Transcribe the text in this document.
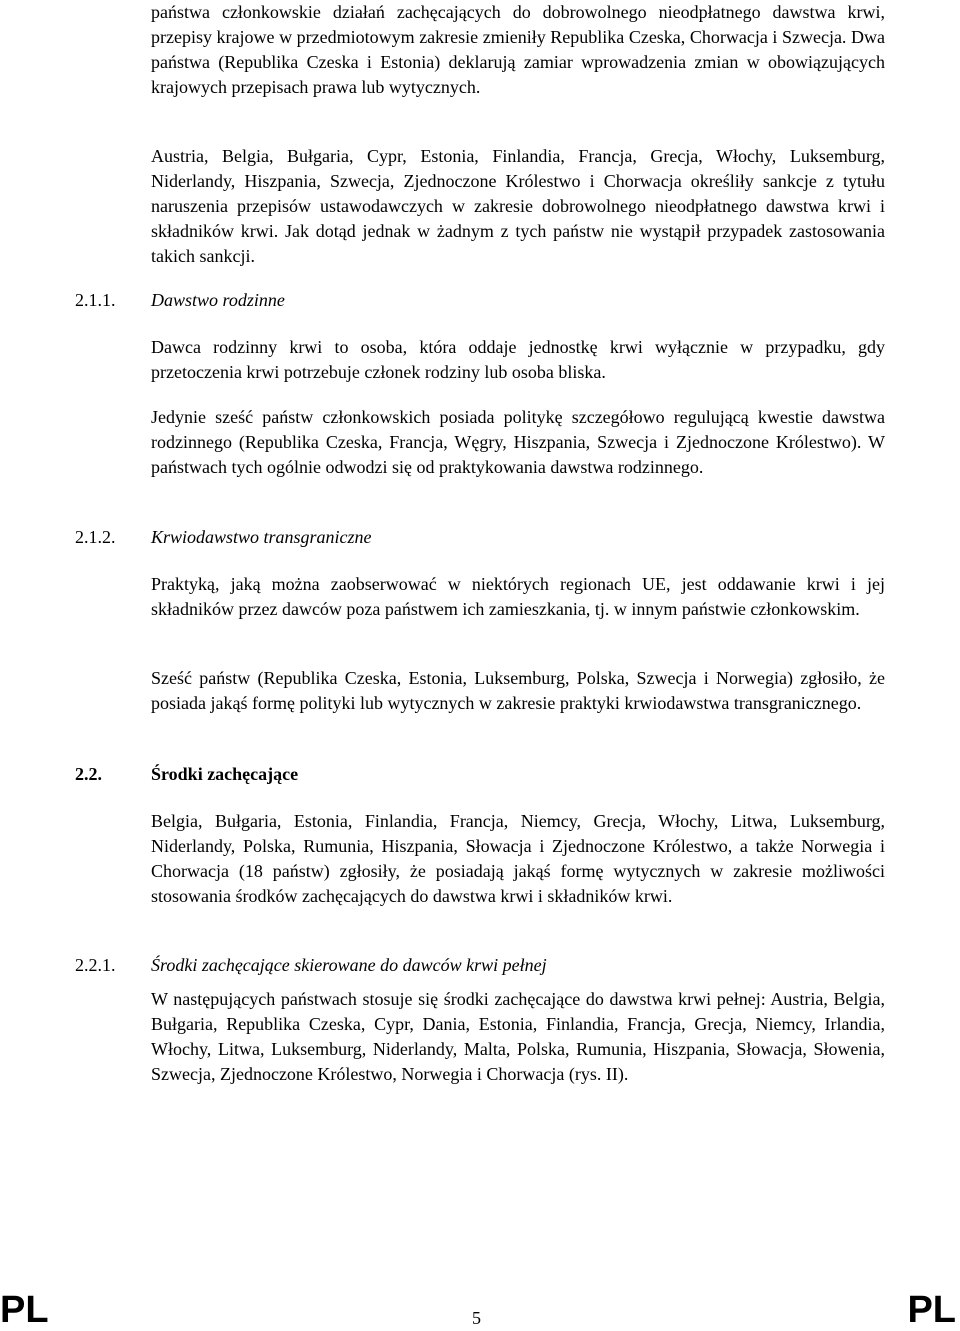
państwa członkowskie działań zachęcających do dobrowolnego nieodpłatnego dawstwa krwi, przepisy krajowe w przedmiotowym zakresie zmieniły Republika Czeska, Chorwacja i Szwecja. Dwa państwa (Republika Czeska i Estonia) deklarują zamiar wprowadzenia zmian w obowiązujących krajowych przepisach prawa lub wytycznych.

Austria, Belgia, Bułgaria, Cypr, Estonia, Finlandia, Francja, Grecja, Włochy, Luksemburg, Niderlandy, Hiszpania, Szwecja, Zjednoczone Królestwo i Chorwacja określiły sankcje z tytułu naruszenia przepisów ustawodawczych w zakresie dobrowolnego nieodpłatnego dawstwa krwi i składników krwi. Jak dotąd jednak w żadnym z tych państw nie wystąpił przypadek zastosowania takich sankcji.

2.1.1. Dawstwo rodzinne

Dawca rodzinny krwi to osoba, która oddaje jednostkę krwi wyłącznie w przypadku, gdy przetoczenia krwi potrzebuje członek rodziny lub osoba bliska.

Jedynie sześć państw członkowskich posiada politykę szczegółowo regulującą kwestie dawstwa rodzinnego (Republika Czeska, Francja, Węgry, Hiszpania, Szwecja i Zjednoczone Królestwo). W państwach tych ogólnie odwodzi się od praktykowania dawstwa rodzinnego.

2.1.2. Krwiodawstwo transgraniczne

Praktyką, jaką można zaobserwować w niektórych regionach UE, jest oddawanie krwi i jej składników przez dawców poza państwem ich zamieszkania, tj. w innym państwie członkowskim.

Sześć państw (Republika Czeska, Estonia, Luksemburg, Polska, Szwecja i Norwegia) zgłosiło, że posiada jakąś formę polityki lub wytycznych w zakresie praktyki krwiodawstwa transgranicznego.

2.2.	Środki zachęcające

Belgia, Bułgaria, Estonia, Finlandia, Francja, Niemcy, Grecja, Włochy, Litwa, Luksemburg, Niderlandy, Polska, Rumunia, Hiszpania, Słowacja i Zjednoczone Królestwo, a także Norwegia i Chorwacja (18 państw) zgłosiły, że posiadają jakąś formę wytycznych w zakresie możliwości stosowania środków zachęcających do dawstwa krwi i składników krwi.

2.2.1. Środki zachęcające skierowane do dawców krwi pełnej

W następujących państwach stosuje się środki zachęcające do dawstwa krwi pełnej: Austria, Belgia, Bułgaria, Republika Czeska, Cypr, Dania, Estonia, Finlandia, Francja, Grecja, Niemcy, Irlandia, Włochy, Litwa, Luksemburg, Niderlandy, Malta, Polska, Rumunia, Hiszpania, Słowacja, Słowenia, Szwecja, Zjednoczone Królestwo, Norwegia i Chorwacja (rys. II).

PL	5	PL
